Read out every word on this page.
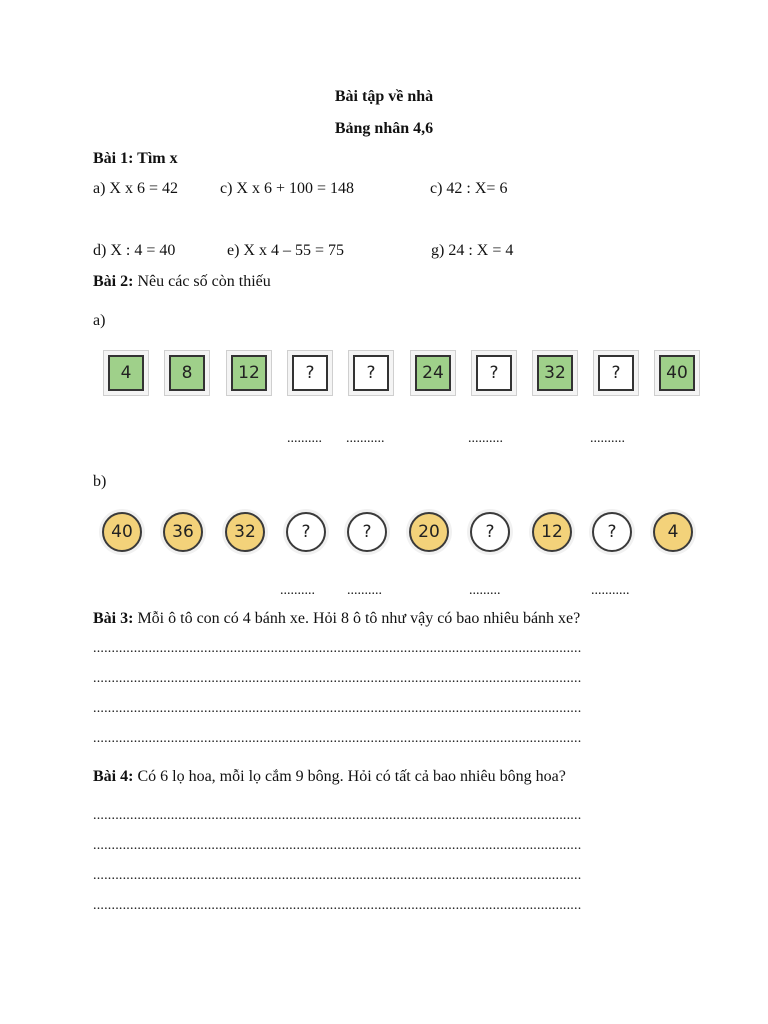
Bài tập về nhà
Bảng nhân 4,6
Bài 1: Tìm x
a) X x 6 = 42	c) X x 6 + 100 = 148	c) 42 : X= 6
d) X : 4 = 40	e) X x 4 – 55 = 75	g) 24 : X = 4
Bài 2: Nêu các số còn thiếu
a)
4	8	12	?	?	24	?	32	?	40
.......... ...........	..........	..........
b)
40	36	32	?	?	20	?	12	?	4
.......... ..........	.........	...........
Bài 3: Mỗi ô tô con có 4 bánh xe. Hỏi 8 ô tô như vậy có bao nhiêu bánh xe?
....................................................................................................................................
....................................................................................................................................
....................................................................................................................................
....................................................................................................................................
Bài 4: Có 6 lọ hoa, mỗi lọ cắm 9 bông. Hỏi có tất cả bao nhiêu bông hoa?
....................................................................................................................................
....................................................................................................................................
....................................................................................................................................
....................................................................................................................................
